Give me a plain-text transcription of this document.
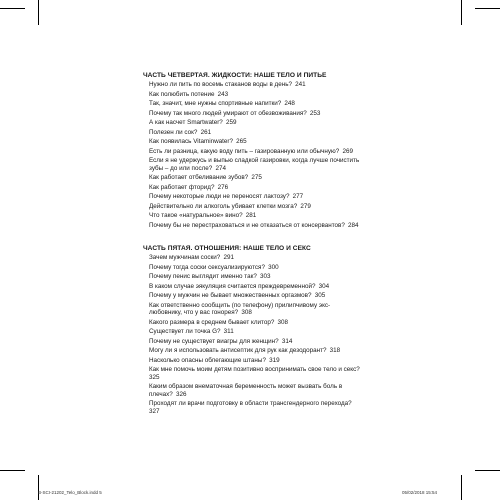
ЧАСТЬ ЧЕТВЕРТАЯ. ЖИДКОСТИ: НАШЕ ТЕЛО И ПИТЬЕ
Нужно ли пить по восемь стаканов воды в день?  241
Как полюбить потение  243
Так, значит, мне нужны спортивные напитки?  248
Почему так много людей умирают от обезвоживания?  253
А как насчет Smartwater?  259
Полезен ли сок?  261
Как появилась Vitaminwater?  265
Есть ли разница, какую воду пить – газированную или обычную?  269
Если я не удержусь и выпью сладкой газировки, когда лучше почистить зубы – до или после?  274
Как работает отбеливание зубов?  275
Как работает фторид?  276
Почему некоторые люди не переносят лактозу?  277
Действительно ли алкоголь убивает клетки мозга?  279
Что такое «натуральное» вино?  281
Почему бы не перестраховаться и не отказаться от консервантов?  284
ЧАСТЬ ПЯТАЯ. ОТНОШЕНИЯ: НАШЕ ТЕЛО И СЕКС
Зачем мужчинам соски?  291
Почему тогда соски сексуализируются?  300
Почему пенис выглядит именно так?  303
В каком случае эякуляция считается преждевременной?  304
Почему у мужчин не бывает множественных оргазмов?  305
Как ответственно сообщить (по телефону) прилипчивому экс-любовнику, что у вас гонорея?  308
Какого размера в среднем бывает клитор?  308
Существует ли точка G?  311
Почему не существует виагры для женщин?  314
Могу ли я использовать антисептик для рук как дезодорант?  318
Насколько опасны облегающие штаны?  319
Как мне помочь моим детям позитивно воспринимать свое тело и секс? 325
Каким образом внематочная беременность может вызвать боль в плечах?  326
Проходят ли врачи подготовку в области трансгендерного перехода? 327
B-SCI-21202_Telo_Block.indd 5	05/02/2018 15:54
